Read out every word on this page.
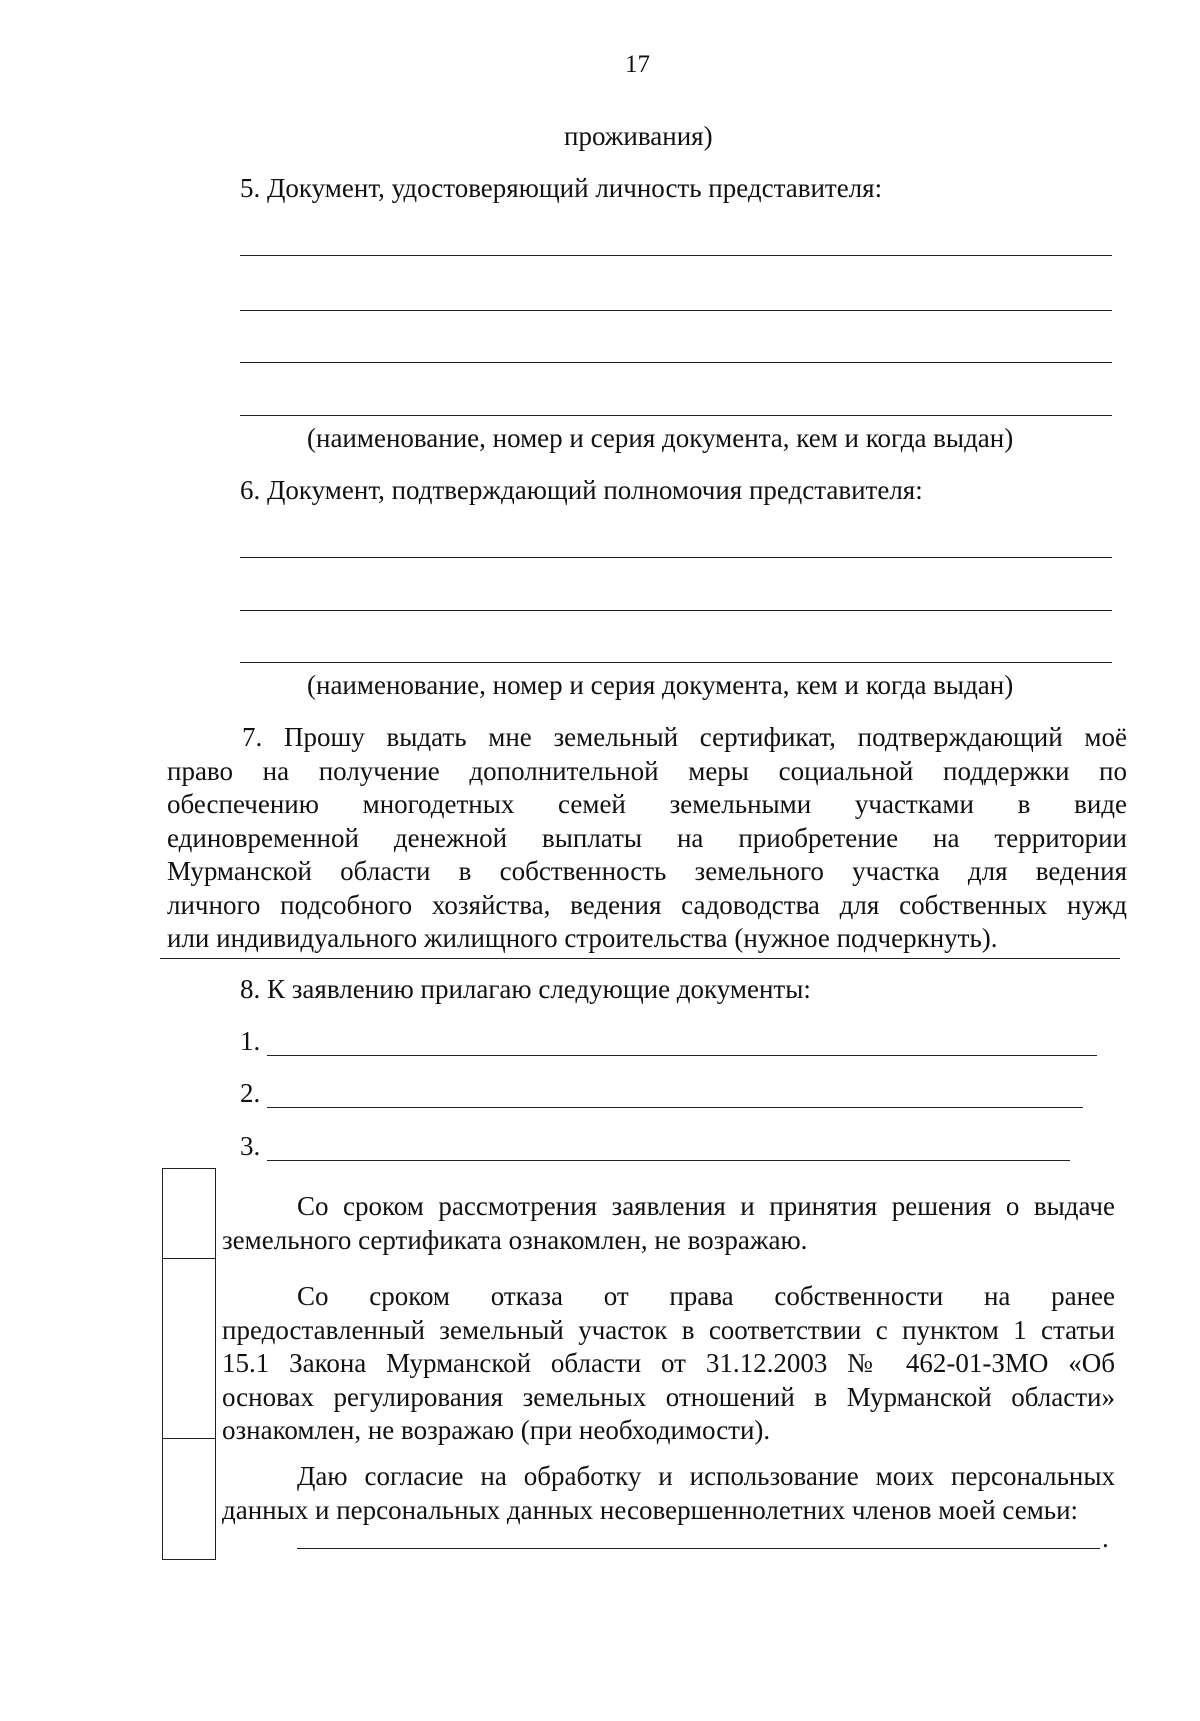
17
проживания)
5. Документ, удостоверяющий личность представителя:
(наименование, номер и серия документа, кем и когда выдан)
6. Документ, подтверждающий полномочия представителя:
(наименование, номер и серия документа, кем и когда выдан)
7. Прошу выдать мне земельный сертификат, подтверждающий моё
право на получение дополнительной меры социальной поддержки по
обеспечению многодетных семей земельными участками в виде
единовременной денежной выплаты на приобретение на территории
Мурманской области в собственность земельного участка для ведения
личного подсобного хозяйства, ведения садоводства для собственных нужд
или индивидуального жилищного строительства (нужное подчеркнуть).
8. К заявлению прилагаю следующие документы:
1.
2.
3.
Со сроком рассмотрения заявления и принятия решения о выдаче
земельного сертификата ознакомлен, не возражаю.
Со сроком отказа от права собственности на ранее
предоставленный земельный участок в соответствии с пунктом 1 статьи
15.1 Закона Мурманской области от 31.12.2003 № 462-01-ЗМО «Об
основах регулирования земельных отношений в Мурманской области»
ознакомлен, не возражаю (при необходимости).
Даю согласие на обработку и использование моих персональных
данных и персональных данных несовершеннолетних членов моей семьи:
.
